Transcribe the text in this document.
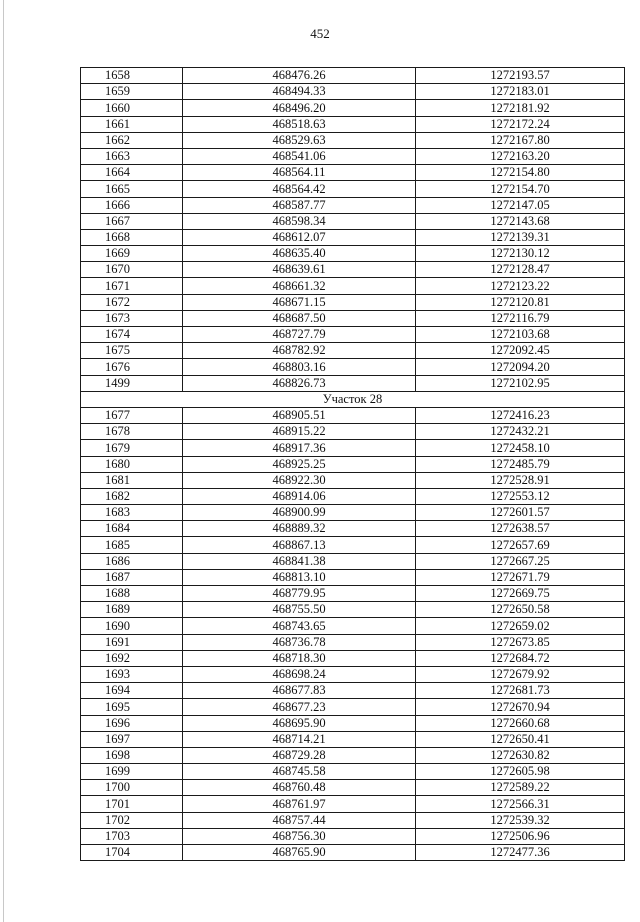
452
1658	468476.26	1272193.57
1659	468494.33	1272183.01
1660	468496.20	1272181.92
1661	468518.63	1272172.24
1662	468529.63	1272167.80
1663	468541.06	1272163.20
1664	468564.11	1272154.80
1665	468564.42	1272154.70
1666	468587.77	1272147.05
1667	468598.34	1272143.68
1668	468612.07	1272139.31
1669	468635.40	1272130.12
1670	468639.61	1272128.47
1671	468661.32	1272123.22
1672	468671.15	1272120.81
1673	468687.50	1272116.79
1674	468727.79	1272103.68
1675	468782.92	1272092.45
1676	468803.16	1272094.20
1499	468826.73	1272102.95
Участок 28		
1677	468905.51	1272416.23
1678	468915.22	1272432.21
1679	468917.36	1272458.10
1680	468925.25	1272485.79
1681	468922.30	1272528.91
1682	468914.06	1272553.12
1683	468900.99	1272601.57
1684	468889.32	1272638.57
1685	468867.13	1272657.69
1686	468841.38	1272667.25
1687	468813.10	1272671.79
1688	468779.95	1272669.75
1689	468755.50	1272650.58
1690	468743.65	1272659.02
1691	468736.78	1272673.85
1692	468718.30	1272684.72
1693	468698.24	1272679.92
1694	468677.83	1272681.73
1695	468677.23	1272670.94
1696	468695.90	1272660.68
1697	468714.21	1272650.41
1698	468729.28	1272630.82
1699	468745.58	1272605.98
1700	468760.48	1272589.22
1701	468761.97	1272566.31
1702	468757.44	1272539.32
1703	468756.30	1272506.96
1704	468765.90	1272477.36
